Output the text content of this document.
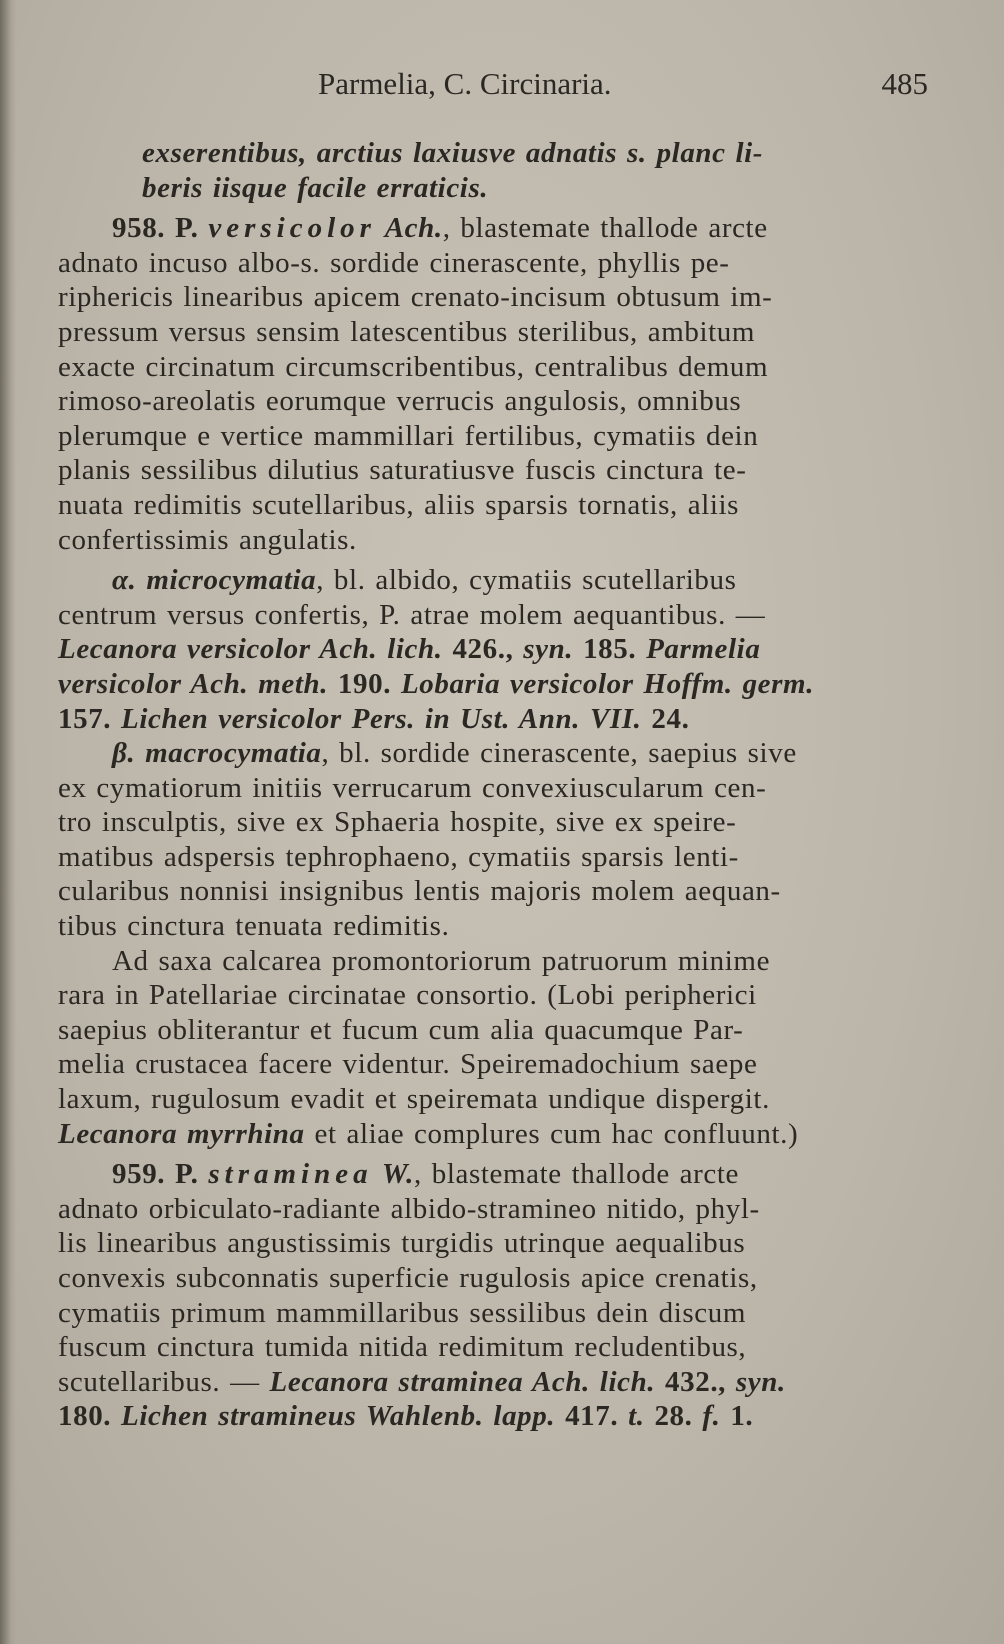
Parmelia, C. Circinaria.	485
exserentibus, arctius laxiusve adnatis s. planc li-
beris iisque facile erraticis.
958. P. versicolor Ach., blastemate thallode arcte
adnato incuso albo-s. sordide cinerascente, phyllis pe-
riphericis linearibus apicem crenato-incisum obtusum im-
pressum versus sensim latescentibus sterilibus, ambitum
exacte circinatum circumscribentibus, centralibus demum
rimoso-areolatis eorumque verrucis angulosis, omnibus
plerumque e vertice mammillari fertilibus, cymatiis dein
planis sessilibus dilutius saturatiusve fuscis cinctura te-
nuata redimitis scutellaribus, aliis sparsis tornatis, aliis
confertissimis angulatis.
α. microcymatia, bl. albido, cymatiis scutellaribus
centrum versus confertis, P. atrae molem aequantibus. —
Lecanora versicolor Ach. lich. 426., syn. 185. Parmelia
versicolor Ach. meth. 190. Lobaria versicolor Hoffm. germ.
157. Lichen versicolor Pers. in Ust. Ann. VII. 24.
β. macrocymatia, bl. sordide cinerascente, saepius sive
ex cymatiorum initiis verrucarum convexiuscularum cen-
tro insculptis, sive ex Sphaeria hospite, sive ex speire-
matibus adspersis tephrophaeno, cymatiis sparsis lenti-
cularibus nonnisi insignibus lentis majoris molem aequan-
tibus cinctura tenuata redimitis.
Ad saxa calcarea promontoriorum patruorum minime
rara in Patellariae circinatae consortio. (Lobi peripherici
saepius obliterantur et fucum cum alia quacumque Par-
melia crustacea facere videntur. Speiremadochium saepe
laxum, rugulosum evadit et speiremata undique dispergit.
Lecanora myrrhina et aliae complures cum hac confluunt.)
959. P. straminea W., blastemate thallode arcte
adnato orbiculato-radiante albido-stramineo nitido, phyl-
lis linearibus angustissimis turgidis utrinque aequalibus
convexis subconnatis superficie rugulosis apice crenatis,
cymatiis primum mammillaribus sessilibus dein discum
fuscum cinctura tumida nitida redimitum recludentibus,
scutellaribus. — Lecanora straminea Ach. lich. 432., syn.
180. Lichen stramineus Wahlenb. lapp. 417. t. 28. f. 1.
